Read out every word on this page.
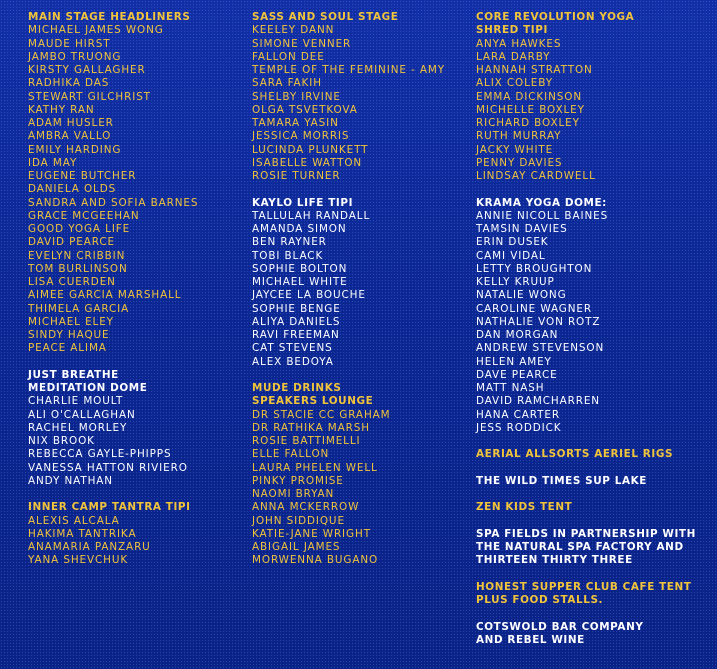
MAIN STAGE HEADLINERS
MICHAEL JAMES WONG
MAUDE HIRST
JAMBO TRUONG
KIRSTY GALLAGHER
RADHIKA DAS
STEWART GILCHRIST
KATHY RAN
ADAM HUSLER
AMBRA VALLO
EMILY HARDING
IDA MAY
EUGENE BUTCHER
DANIELA OLDS
SANDRA AND SOFIA BARNES
GRACE MCGEEHAN
GOOD YOGA LIFE
DAVID PEARCE
EVELYN CRIBBIN
TOM BURLINSON
LISA CUERDEN
AIMEE GARCIA MARSHALL
THIMELA GARCIA
MICHAEL ELEY
SINDY HAQUE
PEACE ALIMA
JUST BREATHE
MEDITATION DOME
CHARLIE MOULT
ALI O'CALLAGHAN
RACHEL MORLEY
NIX BROOK
REBECCA GAYLE-PHIPPS
VANESSA HATTON RIVIERO
ANDY NATHAN
INNER CAMP TANTRA TIPI
ALEXIS ALCALA
HAKIMA TANTRIKA
ANAMARIA PANZARU
YANA SHEVCHUK
SASS AND SOUL STAGE
KEELEY DANN
SIMONE VENNER
FALLON DEE
TEMPLE OF THE FEMININE - AMY
SARA FAKIH
SHELBY IRVINE
OLGA TSVETKOVA
TAMARA YASIN
JESSICA MORRIS
LUCINDA PLUNKETT
ISABELLE WATTON
ROSIE TURNER
KAYLO LIFE TIPI
TALLULAH RANDALL
AMANDA SIMON
BEN RAYNER
TOBI BLACK
SOPHIE BOLTON
MICHAEL WHITE
JAYCEE LA BOUCHE
SOPHIE BENGE
ALIYA DANIELS
RAVI FREEMAN
CAT STEVENS
ALEX BEDOYA
MUDE DRINKS
SPEAKERS LOUNGE
DR STACIE CC GRAHAM
DR RATHIKA MARSH
ROSIE BATTIMELLI
ELLE FALLON
LAURA PHELEN WELL
PINKY PROMISE
NAOMI BRYAN
ANNA MCKERROW
JOHN SIDDIQUE
KATIE-JANE WRIGHT
ABIGAIL JAMES
MORWENNA BUGANO
CORE REVOLUTION YOGA
SHRED TIPI
ANYA HAWKES
LARA DARBY
HANNAH STRATTON
ALIX COLEBY
EMMA DICKINSON
MICHELLE BOXLEY
RICHARD BOXLEY
RUTH MURRAY
JACKY WHITE
PENNY DAVIES
LINDSAY CARDWELL
KRAMA YOGA DOME:
ANNIE NICOLL BAINES
TAMSIN DAVIES
ERIN DUSEK
CAMI VIDAL
LETTY BROUGHTON
KELLY KRUUP
NATALIE WONG
CAROLINE WAGNER
NATHALIE VON ROTZ
DAN MORGAN
ANDREW STEVENSON
HELEN AMEY
DAVE PEARCE
MATT NASH
DAVID RAMCHARREN
HANA CARTER
JESS RODDICK
AERIAL ALLSORTS AERIEL RIGS
THE WILD TIMES SUP LAKE
ZEN KIDS TENT
SPA FIELDS IN PARTNERSHIP WITH
THE NATURAL SPA FACTORY AND
THIRTEEN THIRTY THREE
HONEST SUPPER CLUB CAFE TENT
PLUS FOOD STALLS.
COTSWOLD BAR COMPANY
AND REBEL WINE
